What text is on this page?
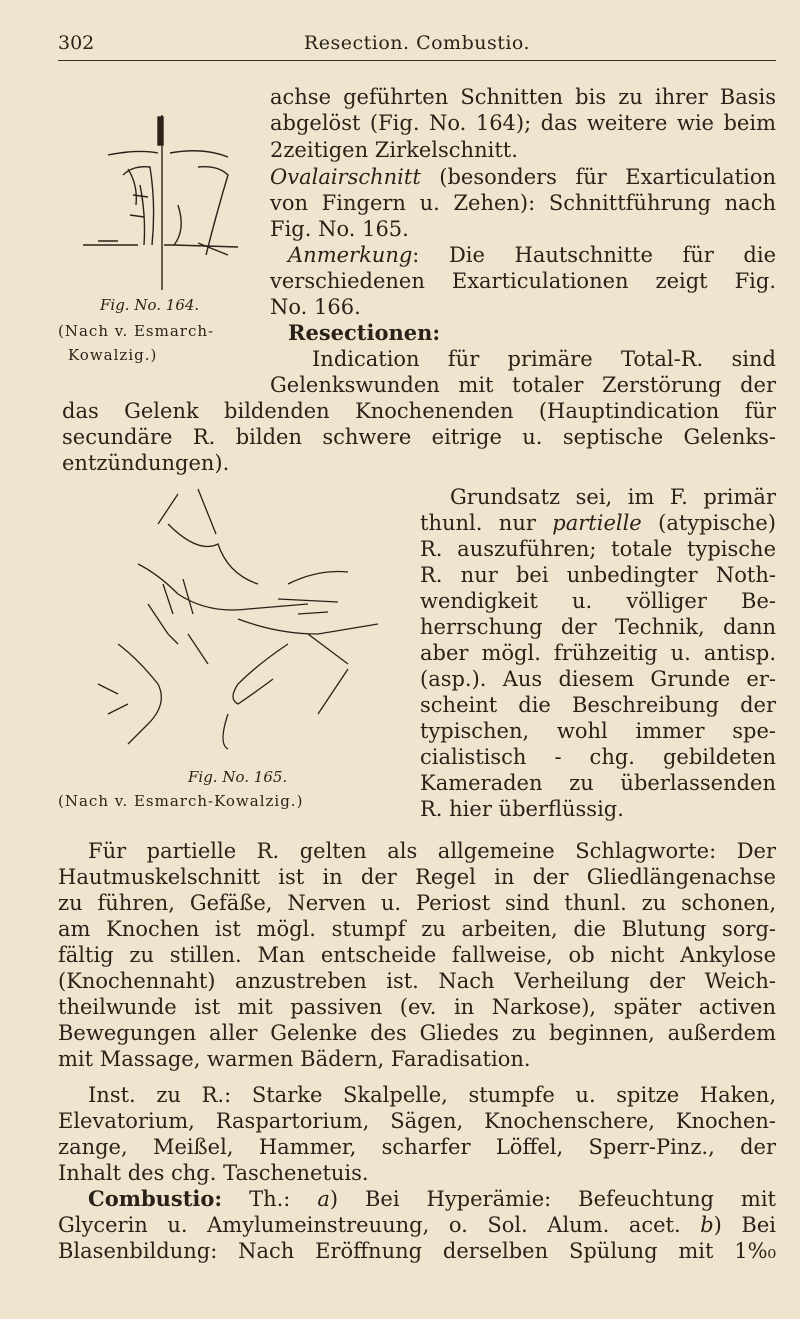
302	Resection. Combustio.
Fig. No. 164.
(Nach v. Esmarch-
Kowalzig.)
achse geführten Schnitten bis zu ihrer Basis
abgelöst (Fig. No. 164); das weitere wie beim
2zeitigen Zirkelschnitt.
Ovalairschnitt (besonders für Exarticulation
von Fingern u. Zehen): Schnittführung nach
Fig. No. 165.
Anmerkung: Die Hautschnitte für die
verschiedenen Exarticulationen zeigt Fig.
No. 166.
Resectionen:
Indication für primäre Total-R. sind
Gelenkswunden mit totaler Zerstörung der
das Gelenk bildenden Knochenenden (Hauptindication für
secundäre R. bilden schwere eitrige u. septische Gelenks-
entzündungen).
Fig. No. 165.
(Nach v. Esmarch-Kowalzig.)
Grundsatz sei, im F. primär
thunl. nur partielle (atypische)
R. auszuführen; totale typische
R. nur bei unbedingter Noth-
wendigkeit u. völliger Be-
herrschung der Technik, dann
aber mögl. frühzeitig u. antisp.
(asp.). Aus diesem Grunde er-
scheint die Beschreibung der
typischen, wohl immer spe-
cialistisch - chg. gebildeten
Kameraden zu überlassenden
R. hier überflüssig.
Für partielle R. gelten als allgemeine Schlagworte: Der
Hautmuskelschnitt ist in der Regel in der Gliedlängenachse
zu führen, Gefäße, Nerven u. Periost sind thunl. zu schonen,
am Knochen ist mögl. stumpf zu arbeiten, die Blutung sorg-
fältig zu stillen. Man entscheide fallweise, ob nicht Ankylose
(Knochennaht) anzustreben ist. Nach Verheilung der Weich-
theilwunde ist mit passiven (ev. in Narkose), später activen
Bewegungen aller Gelenke des Gliedes zu beginnen, außerdem
mit Massage, warmen Bädern, Faradisation.
Inst. zu R.: Starke Skalpelle, stumpfe u. spitze Haken,
Elevatorium, Raspartorium, Sägen, Knochenschere, Knochen-
zange, Meißel, Hammer, scharfer Löffel, Sperr-Pinz., der
Inhalt des chg. Taschenetuis.
Combustio: Th.: a) Bei Hyperämie: Befeuchtung mit
Glycerin u. Amylumeinstreuung, o. Sol. Alum. acet. b) Bei
Blasenbildung: Nach Eröffnung derselben Spülung mit 1%₀
